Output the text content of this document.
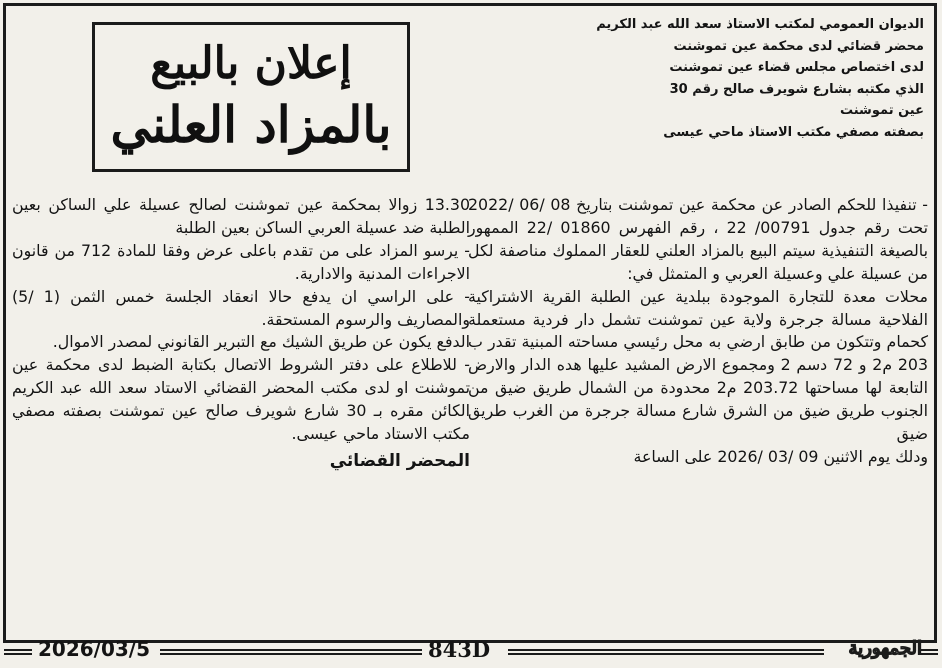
الديوان العمومي لمكتب الاستاذ سعد الله عبد الكريم
محضر قضائي لدى محكمة عين تموشنت
لدى اختصاص مجلس قضاء عين تموشنت
الذي مكتبه بشارع شويرف صالح رقم 30
عين تموشنت
بصفته مصفي مكتب الاستاذ ماحي عيسى
إعلان بالبيع
بالمزاد العلني

- تنفيذا للحكم الصادر عن محكمة عين تموشنت بتاريخ 08 /06 /2022 تحت رقم جدول 00791/ 22 ، رقم الفهرس 01860 /22 الممهور بالصيغة التنفيذية سيتم البيع بالمزاد العلني للعقار المملوك مناصفة لكل من عسيلة علي وعسيلة العربي و المتمثل في:

محلات معدة للتجارة الموجودة ببلدية عين الطلبة القرية الاشتراكية الفلاحية مسالة جرجرة ولاية عين تموشنت تشمل دار فردية مستعملة كحمام وتتكون من طابق ارضي به محل رئيسي مساحته المبنية تقدر ب 203 م2 و 72 دسم 2 ومجموع الارض المشيد عليها هده الدار والارض التابعة لها مساحتها 203.72 م2 محدودة من الشمال طريق ضيق من الجنوب طريق ضيق من الشرق شارع مسالة جرجرة من الغرب طريق ضيق

ودلك يوم الاثنين 09 /03 /2026 على الساعة

13.30 زوالا بمحكمة عين تموشنت لصالح عسيلة علي الساكن بعين الطلبة ضد عسيلة العربي الساكن بعين الطلبة

- يرسو المزاد على من تقدم باعلى عرض وفقا للمادة 712 من قانون الاجراءات المدنية والادارية.

- على الراسي ان يدفع حالا انعقاد الجلسة خمس الثمن (1 /5) والمصاريف والرسوم المستحقة.

الدفع يكون عن طريق الشيك مع التبرير القانوني لمصدر الاموال.

- للاطلاع على دفتر الشروط الاتصال بكتابة الضبط لدى محكمة عين تموشنت او لدى مكتب المحضر القضائي الاستاد سعد الله عبد الكريم الكائن مقره بـ 30 شارع شويرف صالح عين تموشنت بصفته مصفي مكتب الاستاد ماحي عيسى.

المحضر القضائي

2026/03/5	843D	الجمهورية
